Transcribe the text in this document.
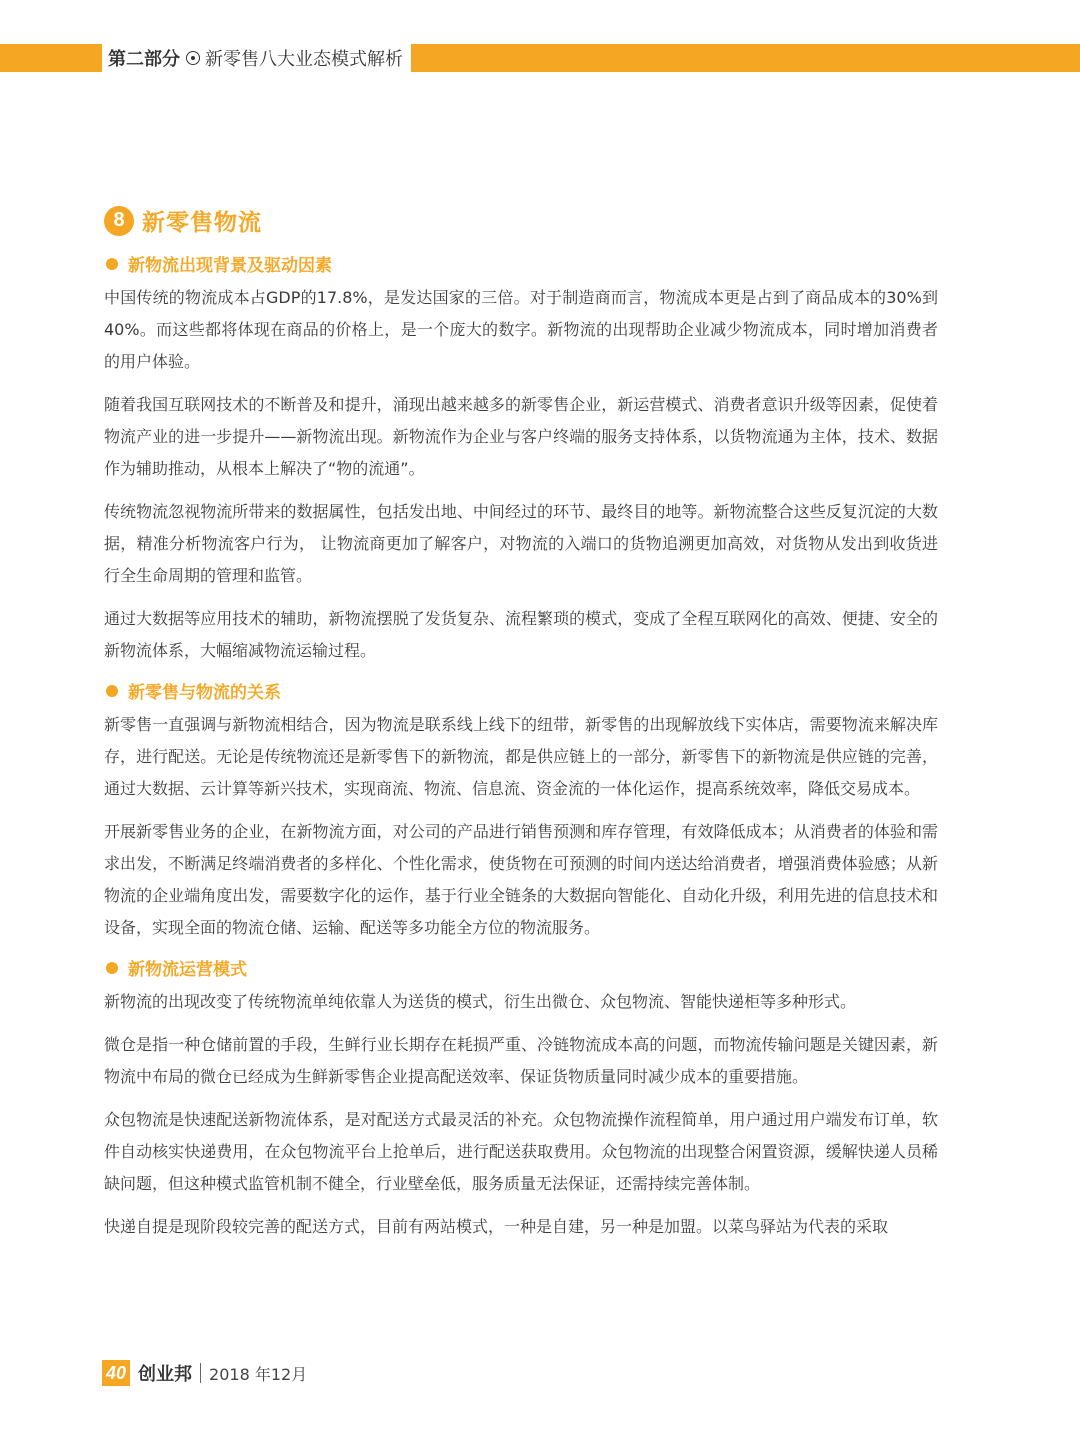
第二部分 新零售八大业态模式解析
8 新零售物流
新物流出现背景及驱动因素

中国传统的物流成本占GDP的17.8%，是发达国家的三倍。对于制造商而言，物流成本更是占到了商品成本的30%到40%。而这些都将体现在商品的价格上，是一个庞大的数字。新物流的出现帮助企业减少物流成本，同时增加消费者的用户体验。

随着我国互联网技术的不断普及和提升，涌现出越来越多的新零售企业，新运营模式、消费者意识升级等因素，促使着物流产业的进一步提升——新物流出现。新物流作为企业与客户终端的服务支持体系，以货物流通为主体，技术、数据作为辅助推动，从根本上解决了“物的流通”。

传统物流忽视物流所带来的数据属性，包括发出地、中间经过的环节、最终目的地等。新物流整合这些反复沉淀的大数据，精准分析物流客户行为， 让物流商更加了解客户，对物流的入端口的货物追溯更加高效，对货物从发出到收货进行全生命周期的管理和监管。

通过大数据等应用技术的辅助，新物流摆脱了发货复杂、流程繁琐的模式，变成了全程互联网化的高效、便捷、安全的新物流体系，大幅缩减物流运输过程。

新零售与物流的关系

新零售一直强调与新物流相结合，因为物流是联系线上线下的纽带，新零售的出现解放线下实体店，需要物流来解决库存，进行配送。无论是传统物流还是新零售下的新物流，都是供应链上的一部分，新零售下的新物流是供应链的完善，通过大数据、云计算等新兴技术，实现商流、物流、信息流、资金流的一体化运作，提高系统效率，降低交易成本。

开展新零售业务的企业，在新物流方面，对公司的产品进行销售预测和库存管理，有效降低成本；从消费者的体验和需求出发，不断满足终端消费者的多样化、个性化需求，使货物在可预测的时间内送达给消费者，增强消费体验感；从新物流的企业端角度出发，需要数字化的运作，基于行业全链条的大数据向智能化、自动化升级，利用先进的信息技术和设备，实现全面的物流仓储、运输、配送等多功能全方位的物流服务。

新物流运营模式

新物流的出现改变了传统物流单纯依靠人为送货的模式，衍生出微仓、众包物流、智能快递柜等多种形式。

微仓是指一种仓储前置的手段，生鲜行业长期存在耗损严重、冷链物流成本高的问题，而物流传输问题是关键因素，新物流中布局的微仓已经成为生鲜新零售企业提高配送效率、保证货物质量同时减少成本的重要措施。

众包物流是快速配送新物流体系，是对配送方式最灵活的补充。众包物流操作流程简单，用户通过用户端发布订单，软件自动核实快递费用，在众包物流平台上抢单后，进行配送获取费用。众包物流的出现整合闲置资源，缓解快递人员稀缺问题，但这种模式监管机制不健全，行业壁垒低，服务质量无法保证，还需持续完善体制。

快递自提是现阶段较完善的配送方式，目前有两站模式，一种是自建，另一种是加盟。以菜鸟驿站为代表的采取

40 创业邦 2018 年12月
